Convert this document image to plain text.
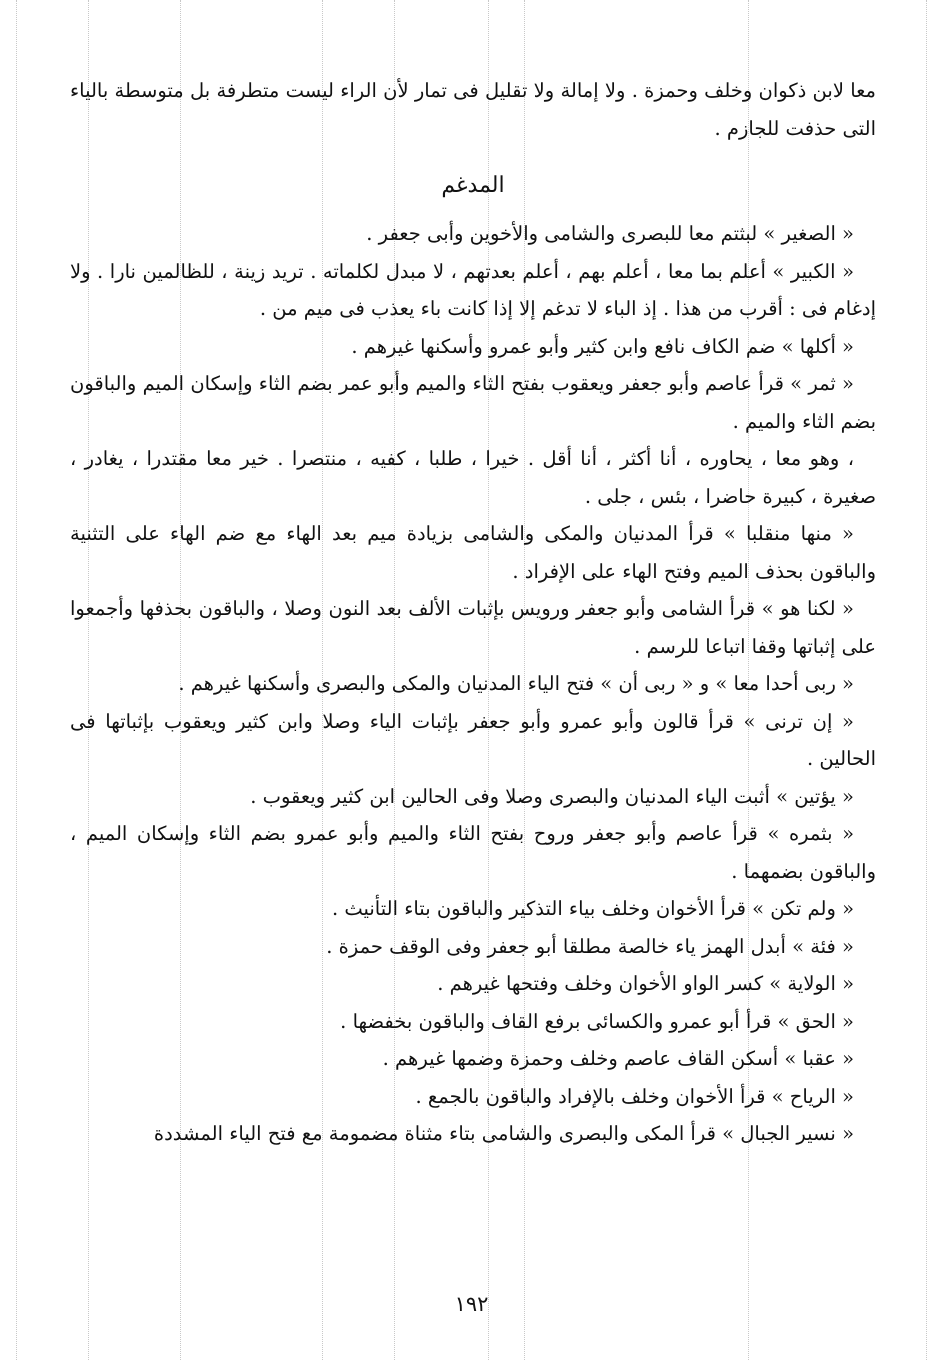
معا لابن ذكوان وخلف وحمزة . ولا إمالة ولا تقليل فى تمار لأن الراء ليست متطرفة بل متوسطة بالياء التى حذفت للجازم .

المدغم

« الصغير » لبثتم معا للبصرى والشامى والأخوين وأبى جعفر .

« الكبير » أعلم بما معا ، أعلم بهم ، أعلم بعدتهم ، لا مبدل لكلماته . تريد زينة ، للظالمين نارا . ولا إدغام فى : أقرب من هذا . إذ الباء لا تدغم إلا إذا كانت باء يعذب فى ميم من .

« أكلها » ضم الكاف نافع وابن كثير وأبو عمرو وأسكنها غيرهم .

« ثمر » قرأ عاصم وأبو جعفر ويعقوب بفتح الثاء والميم وأبو عمر بضم الثاء وإسكان الميم والباقون بضم الثاء والميم .

، وهو معا ، يحاوره ، أنا أكثر ، أنا أقل . خيرا ، طلبا ، كفيه ، منتصرا . خير معا مقتدرا ، يغادر ، صغيرة ، كبيرة حاضرا ، بئس ، جلى .

« منها منقلبا » قرأ المدنيان والمكى والشامى بزيادة ميم بعد الهاء مع ضم الهاء على التثنية والباقون بحذف الميم وفتح الهاء على الإفراد .

« لكنا هو » قرأ الشامى وأبو جعفر ورويس بإثبات الألف بعد النون وصلا ، والباقون بحذفها وأجمعوا على إثباتها وقفا اتباعا للرسم .

« ربى أحدا معا » و « ربى أن » فتح الياء المدنيان والمكى والبصرى وأسكنها غيرهم .

« إن ترنى » قرأ قالون وأبو عمرو وأبو جعفر بإثبات الياء وصلا وابن كثير ويعقوب بإثباتها فى الحالين .

« يؤتين » أثبت الياء المدنيان والبصرى وصلا وفى الحالين ابن كثير ويعقوب .

« بثمره » قرأ عاصم وأبو جعفر وروح بفتح الثاء والميم وأبو عمرو بضم الثاء وإسكان الميم ، والباقون بضمهما .

« ولم تكن » قرأ الأخوان وخلف بياء التذكير والباقون بتاء التأنيث .

« فئة » أبدل الهمز ياء خالصة مطلقا أبو جعفر وفى الوقف حمزة .

« الولاية » كسر الواو الأخوان وخلف وفتحها غيرهم .

« الحق » قرأ أبو عمرو والكسائى برفع القاف والباقون بخفضها .

« عقبا » أسكن القاف عاصم وخلف وحمزة وضمها غيرهم .

« الرياح » قرأ الأخوان وخلف بالإفراد والباقون بالجمع .

« نسير الجبال » قرأ المكى والبصرى والشامى بتاء مثناة مضمومة مع فتح الياء المشددة

١٩٢
